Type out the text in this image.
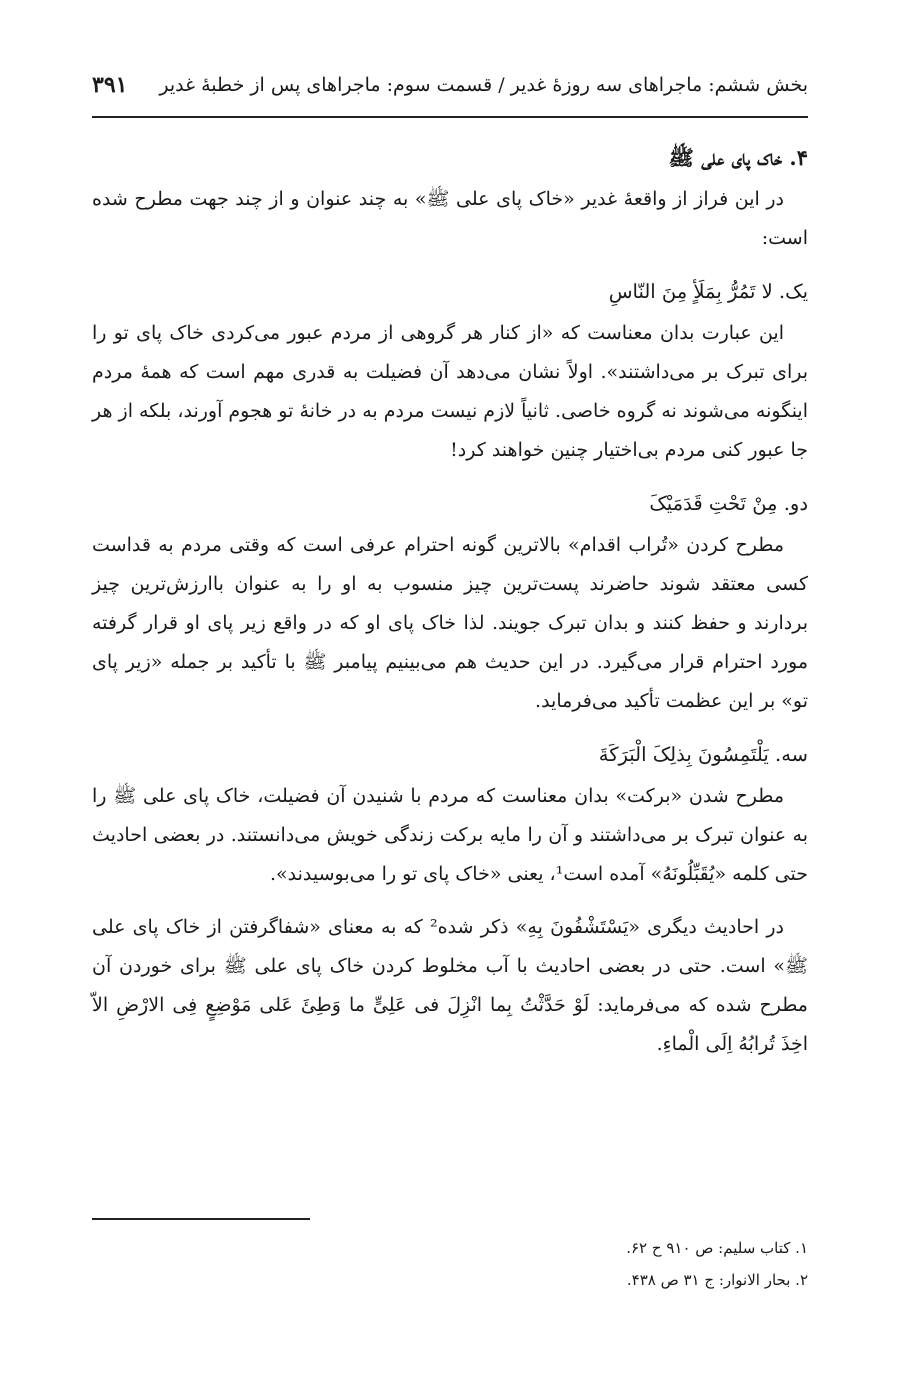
بخش ششم: ماجراهای سه روزهٔ غدیر / قسمت سوم: ماجراهای پس از خطبهٔ غدیر
۳۹۱
۴. خاک پای علی ﷺ

در این فراز از واقعهٔ غدیر «خاک پای علی ﷺ» به چند عنوان و از چند جهت مطرح شده است:

یک. لا تَمُرُّ بِمَلَأٍ مِنَ النّاسِ

این عبارت بدان معناست که «از کنار هر گروهی از مردم عبور می‌کردی خاک پای تو را برای تبرک بر می‌داشتند». اولاً نشان می‌دهد آن فضیلت به قدری مهم است که همهٔ مردم اینگونه می‌شوند نه گروه خاصی. ثانیاً لازم نیست مردم به در خانهٔ تو هجوم آورند، بلکه از هر جا عبور کنی مردم بی‌اختیار چنین خواهند کرد!

دو. مِنْ تَحْتِ قَدَمَیْکَ

مطرح کردن «تُراب اقدام» بالاترین گونه احترام عرفی است که وقتی مردم به قداست کسی معتقد شوند حاضرند پست‌ترین چیز منسوب به او را به عنوان باارزش‌ترین چیز بردارند و حفظ کنند و بدان تبرک جویند. لذا خاک پای او که در واقع زیر پای او قرار گرفته مورد احترام قرار می‌گیرد. در این حدیث هم می‌بینیم پیامبر ﷺ با تأکید بر جمله «زیر پای تو» بر این عظمت تأکید می‌فرماید.

سه. یَلْتَمِسُونَ بِذلِکَ الْبَرَکَةَ

مطرح شدن «برکت» بدان معناست که مردم با شنیدن آن فضیلت، خاک پای علی ﷺ را به عنوان تبرک بر می‌داشتند و آن را مایه برکت زندگی خویش می‌دانستند. در بعضی احادیث حتی کلمه «یُقَبِّلُونَهُ» آمده است¹، یعنی «خاک پای تو را می‌بوسیدند».

در احادیث دیگری «یَسْتَشْفُونَ بِهِ» ذکر شده² که به معنای «شفاگرفتن از خاک پای علی ﷺ» است. حتی در بعضی احادیث با آب مخلوط کردن خاک پای علی ﷺ برای خوردن آن مطرح شده که می‌فرماید: لَوْ حَدَّثْتُ بِما انْزِلَ فی عَلِیٍّ ما وَطِئَ عَلی مَوْضِعٍ فِی الارْضِ الاّ اخِذَ تُرابُهُ اِلَی الْماءِ.

۱. کتاب سلیم: ص ۹۱۰ ح ۶۲.

۲. بحار الانوار: ج ۳۱ ص ۴۳۸.
